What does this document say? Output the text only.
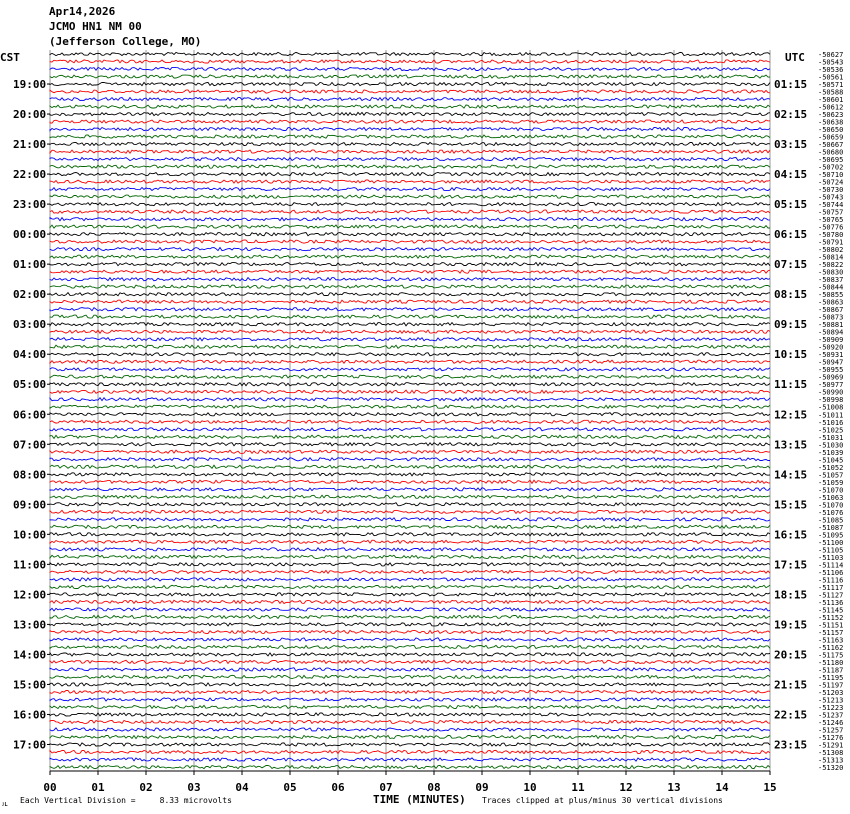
Apr14,2026
JCMO HN1 NM 00
(Jefferson College, MO)
CST	UTC -50627
-50543
-50536
-50561
-50571
-50588
-50601
-50612
-50623
-50638
-50650
-50659
-50667
-50680
-50695
-50702
-50710
-50724
-50730
-50743
-50744
-50757
-50765
-50776
-50780
-50791
-50802
-50814
-50822
-50830
-50837
-50844
-50855
-50863
-50867
-50873
-50881
-50894
-50909
-50920
-50931
-50947
-50955
-50969
-50977
-50990
-50998
-51008
-51011
-51016
-51025
-51031
-51030
-51039
-51045
-51052
-51057
-51059
-51070
-51063
-51070
-51076
-51085
-51087
-51095
-51100
-51105
-51103
-51114
-51106
-51116
-51117
-51127
-51136
-51145
-51152
-51151
-51157
-51163
-51162
-51175
-51180
-51187
-51195
-51197
-51203
-51213
-51223
-51237
-51246
-51257
-51276
-51291
-51308
-51313
-51320
19:00
20:00
21:00
22:00
23:00
00:00
01:00
02:00
03:00
04:00
05:00
06:00
07:00
08:00
09:00
10:00
11:00
12:00
13:00
14:00
15:00
16:00
17:00
01:15
02:15
03:15
04:15
05:15
06:15
07:15
08:15
09:15
10:15
11:15
12:15
13:15
14:15
15:15
16:15
17:15
18:15
19:15
20:15
21:15
22:15
23:15
00	01	02	03	04	05	06	07	08	09	10	11	12	13	14	15
TIME (MINUTES)
Each Vertical Division =     8.33 microvolts	Traces clipped at plus/minus 30 vertical divisions
ᴊʟ
